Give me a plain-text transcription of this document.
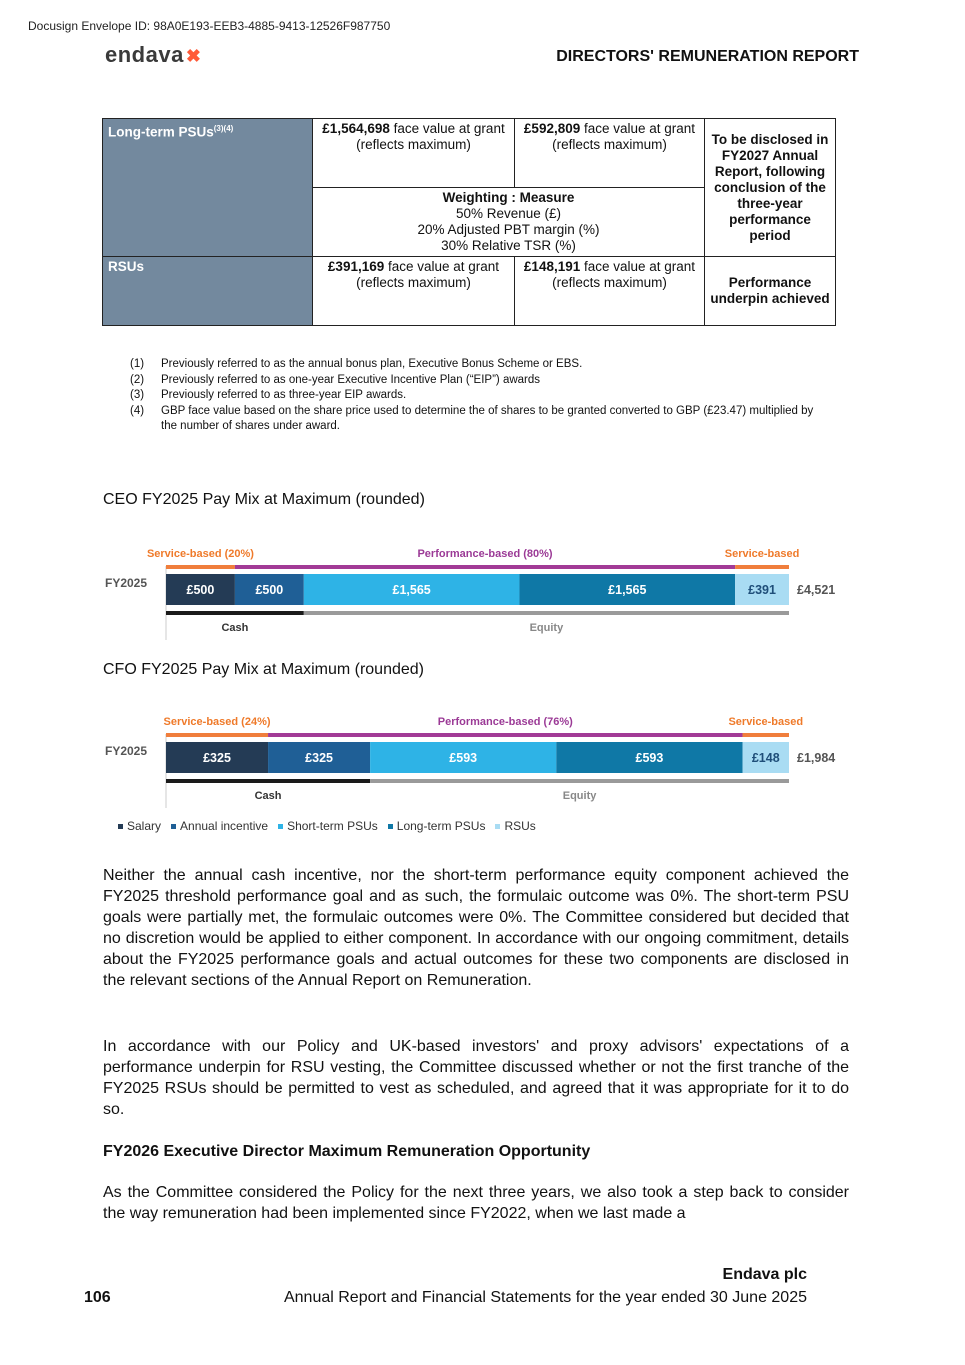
Docusign Envelope ID: 98A0E193-EEB3-4885-9413-12526F987750
endava ✖	DIRECTORS' REMUNERATION REPORT
Long-term PSUs$^{(3)(4)}$	£1,564,698 face value at grant (reflects maximum)	£592,809 face value at grant (reflects maximum)	To be disclosed in FY2027 Annual Report, following conclusion of the three-year performance period

	Weighting : Measure
50% Revenue (£)
20% Adjusted PBT margin (%)
30% Relative TSR (%)		

RSUs	£391,169 face value at grant (reflects maximum)	£148,191 face value at grant (reflects maximum)	Performance underpin achieved
(1)	Previously referred to as the annual bonus plan, Executive Bonus Scheme or EBS.
(2)	Previously referred to as one-year Executive Incentive Plan (“EIP”) awards
(3)	Previously referred to as three-year EIP awards.
(4)	GBP face value based on the share price used to determine the of shares to be granted converted to GBP (£23.47) multiplied by the number of shares under award.
CEO FY2025 Pay Mix at Maximum (rounded)
FY2025
Service-based (20%)	Performance-based (80%)	Service-based
£500	£500	£1,565	£1,565	£391 £4,521
Cash	Equity
CFO FY2025 Pay Mix at Maximum (rounded)
FY2025
Service-based (24%)	Performance-based (76%)	Service-based
£325	£325	£593	£593	£148 £1,984
Cash	Equity
Salary	Annual incentive	Short-term PSUs	Long-term PSUs	RSUs
Neither the annual cash incentive, nor the short-term performance equity component achieved the FY2025 threshold performance goal and as such, the formulaic outcome was 0%. The short-term PSU goals were partially met, the formulaic outcomes were 0%. The Committee considered but decided that no discretion would be applied to either component. In accordance with our ongoing commitment, details about the FY2025 performance goals and actual outcomes for these two components are disclosed in the relevant sections of the Annual Report on Remuneration.
In accordance with our Policy and UK-based investors' and proxy advisors' expectations of a performance underpin for RSU vesting, the Committee discussed whether or not the first tranche of the FY2025 RSUs should be permitted to vest as scheduled, and agreed that it was appropriate for it to do so.
FY2026 Executive Director Maximum Remuneration Opportunity
As the Committee considered the Policy for the next three years, we also took a step back to consider the way remuneration had been implemented since FY2022, when we last made a
Endava plc
106	Annual Report and Financial Statements for the year ended 30 June 2025
